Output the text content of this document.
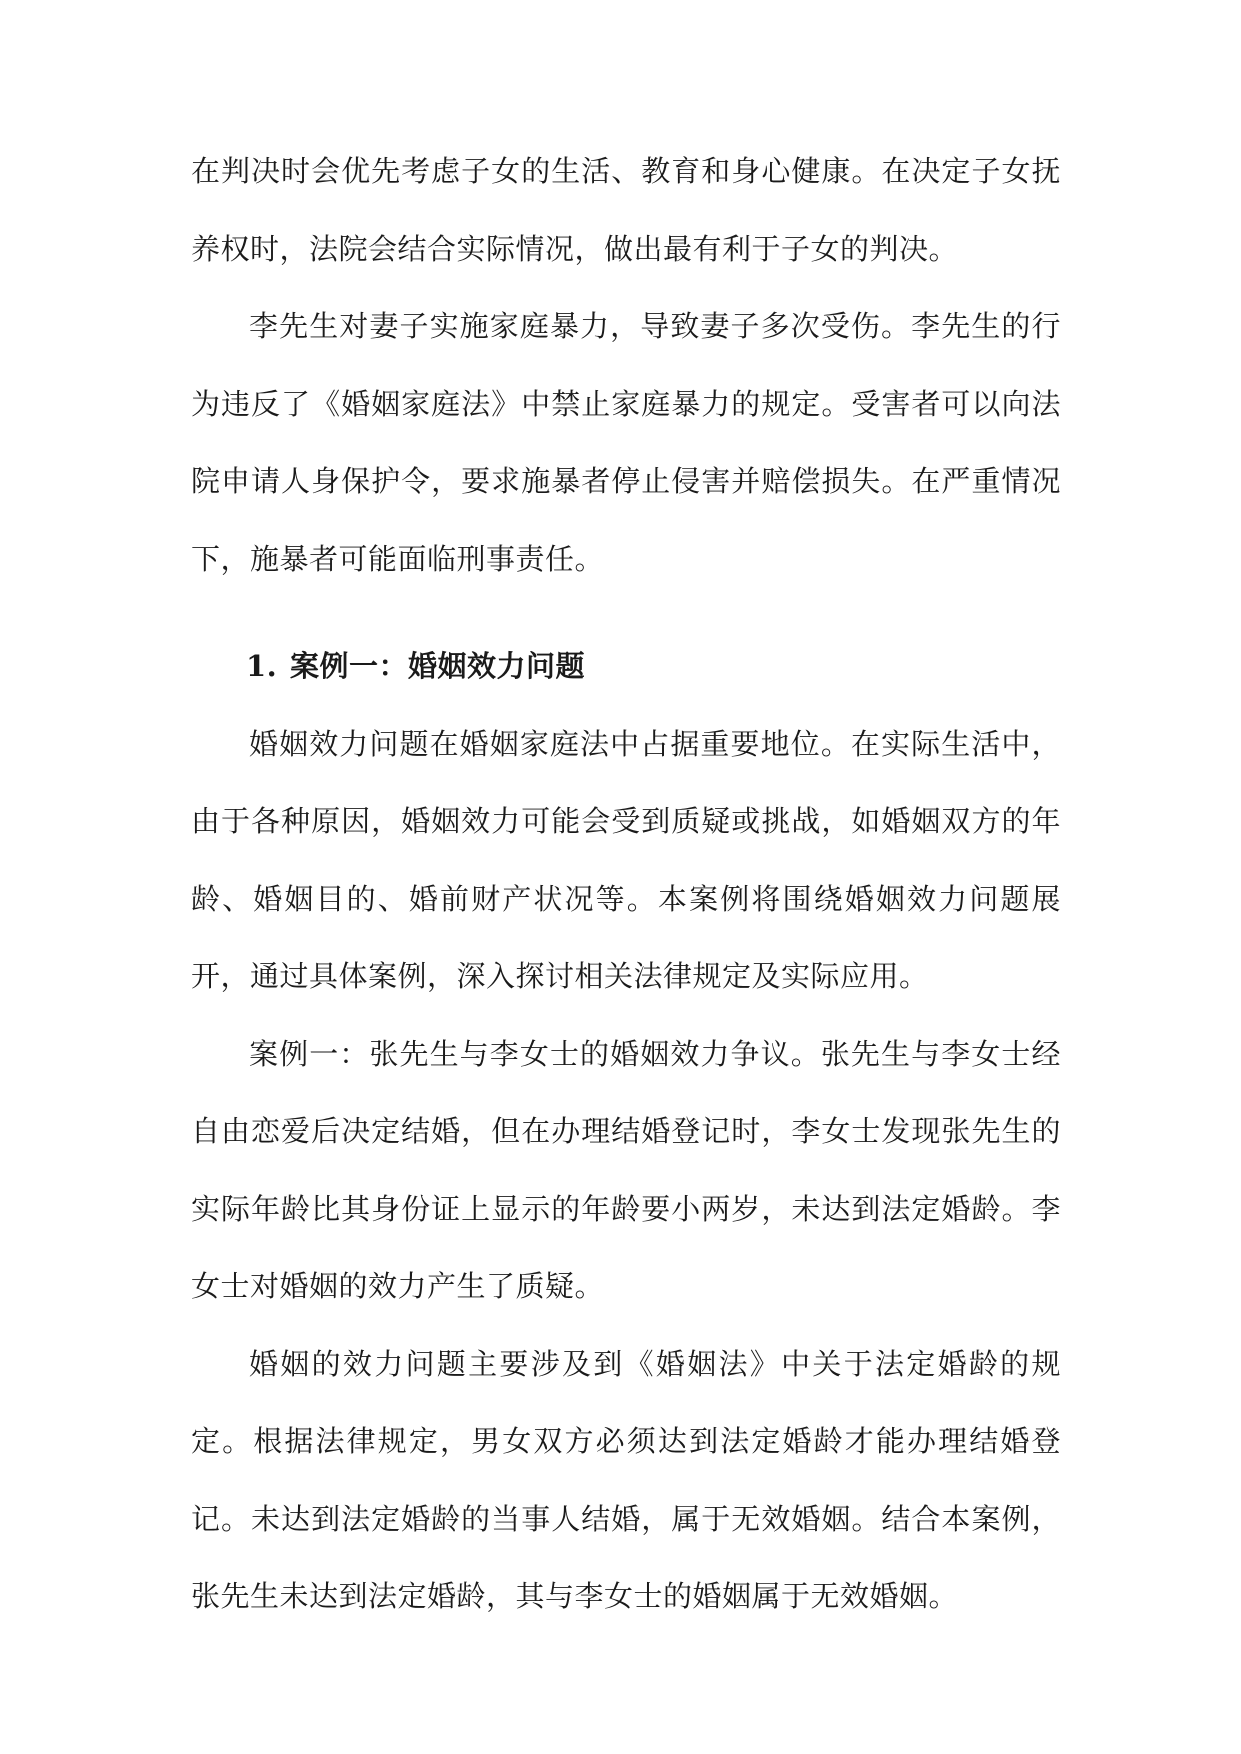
在判决时会优先考虑子女的生活、教育和身心健康。在决定子女抚养权时，法院会结合实际情况，做出最有利于子女的判决。

李先生对妻子实施家庭暴力，导致妻子多次受伤。李先生的行为违反了《婚姻家庭法》中禁止家庭暴力的规定。受害者可以向法院申请人身保护令，要求施暴者停止侵害并赔偿损失。在严重情况下，施暴者可能面临刑事责任。

1. 案例一：婚姻效力问题

婚姻效力问题在婚姻家庭法中占据重要地位。在实际生活中，由于各种原因，婚姻效力可能会受到质疑或挑战，如婚姻双方的年龄、婚姻目的、婚前财产状况等。本案例将围绕婚姻效力问题展开，通过具体案例，深入探讨相关法律规定及实际应用。

案例一：张先生与李女士的婚姻效力争议。张先生与李女士经自由恋爱后决定结婚，但在办理结婚登记时，李女士发现张先生的实际年龄比其身份证上显示的年龄要小两岁，未达到法定婚龄。李女士对婚姻的效力产生了质疑。

婚姻的效力问题主要涉及到《婚姻法》中关于法定婚龄的规定。根据法律规定，男女双方必须达到法定婚龄才能办理结婚登记。未达到法定婚龄的当事人结婚，属于无效婚姻。结合本案例，张先生未达到法定婚龄，其与李女士的婚姻属于无效婚姻。
